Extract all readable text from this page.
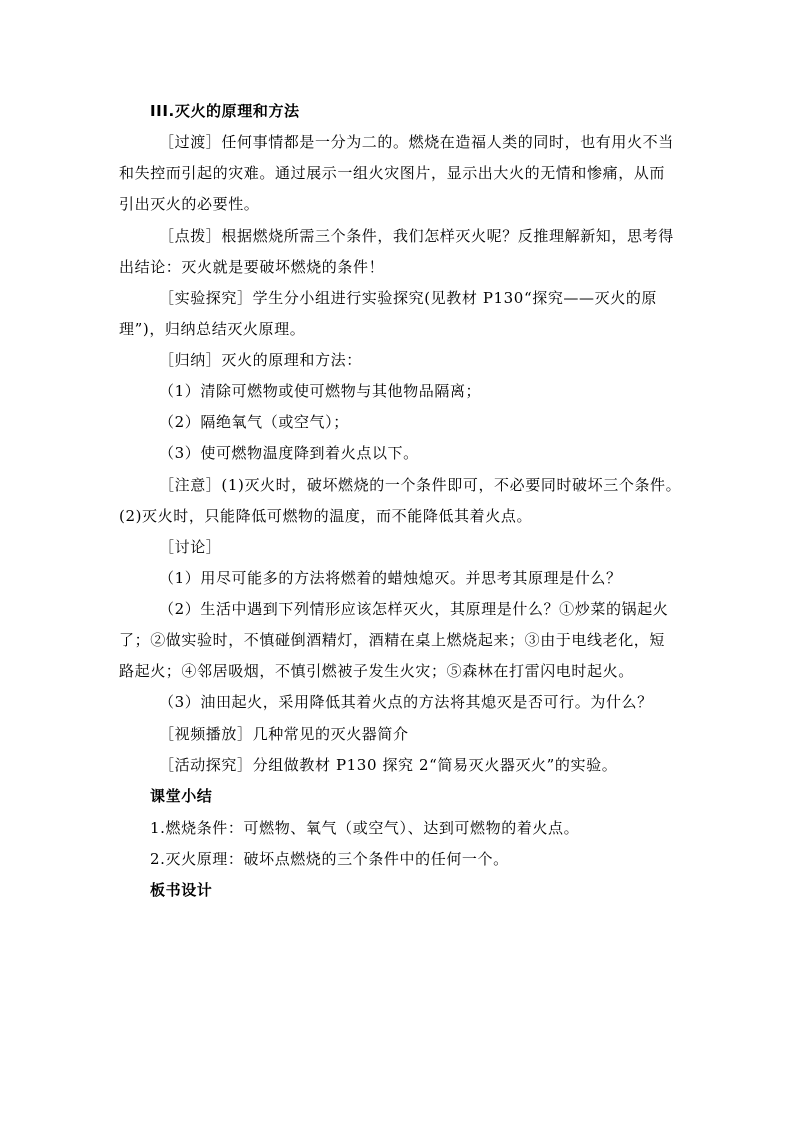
III.灭火的原理和方法
［过渡］任何事情都是一分为二的。燃烧在造福人类的同时，也有用火不当
和失控而引起的灾难。通过展示一组火灾图片，显示出大火的无情和惨痛，从而
引出灭火的必要性。
［点拨］根据燃烧所需三个条件，我们怎样灭火呢？反推理解新知，思考得
出结论：灭火就是要破坏燃烧的条件！
［实验探究］学生分小组进行实验探究(见教材 P130“探究——灭火的原
理”)，归纳总结灭火原理。
［归纳］灭火的原理和方法：
（1）清除可燃物或使可燃物与其他物品隔离；
（2）隔绝氧气（或空气）；
（3）使可燃物温度降到着火点以下。
［注意］(1)灭火时，破坏燃烧的一个条件即可，不必要同时破坏三个条件。
(2)灭火时，只能降低可燃物的温度，而不能降低其着火点。
［讨论］
（1）用尽可能多的方法将燃着的蜡烛熄灭。并思考其原理是什么？
（2）生活中遇到下列情形应该怎样灭火，其原理是什么？①炒菜的锅起火
了；②做实验时，不慎碰倒酒精灯，酒精在桌上燃烧起来；③由于电线老化，短
路起火；④邻居吸烟，不慎引燃被子发生火灾；⑤森林在打雷闪电时起火。
（3）油田起火，采用降低其着火点的方法将其熄灭是否可行。为什么？
［视频播放］几种常见的灭火器简介
［活动探究］分组做教材 P130 探究 2“简易灭火器灭火”的实验。
课堂小结
1.燃烧条件：可燃物、氧气（或空气）、达到可燃物的着火点。
2.灭火原理：破坏点燃烧的三个条件中的任何一个。
板书设计
